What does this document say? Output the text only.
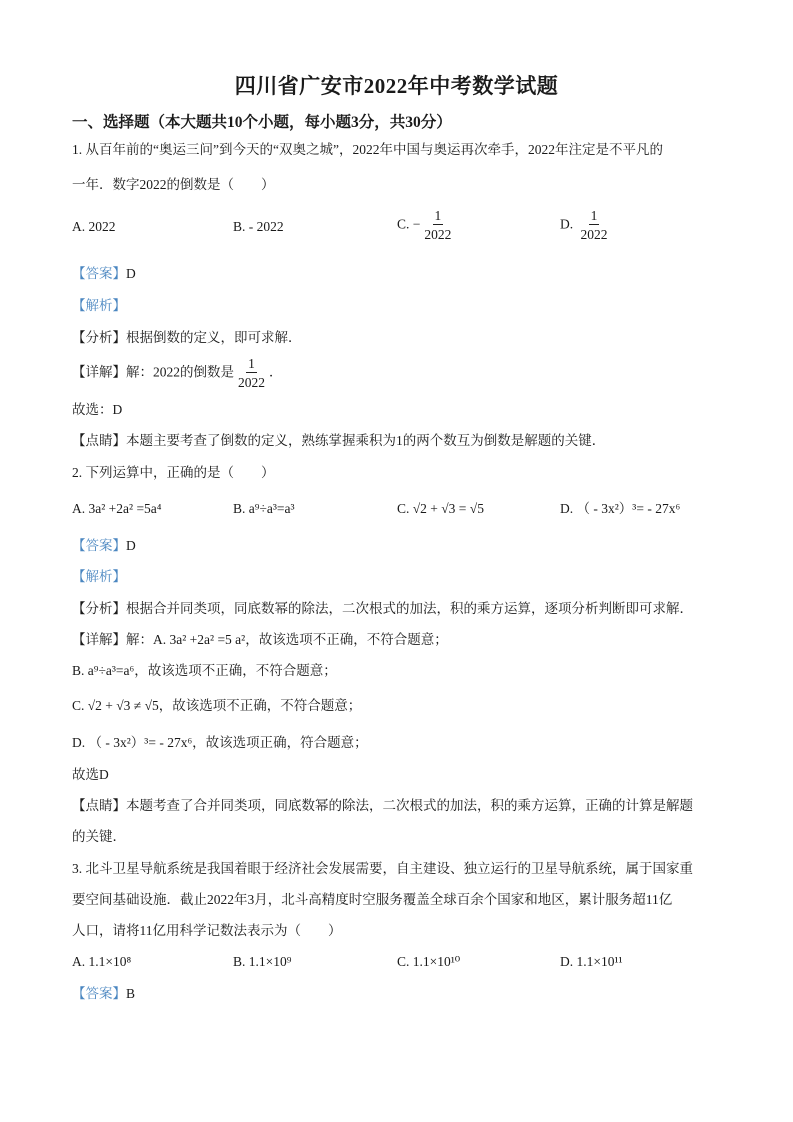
四川省广安市2022年中考数学试题
一、选择题（本大题共10个小题，每小题3分，共30分）
1. 从百年前的“奥运三问”到今天的“双奥之城”，2022年中国与奥运再次牵手，2022年注定是不平凡的
一年．数字2022的倒数是（　　）
A. 2022	B. - 2022	C. − $\frac{1}{2022}$	D. $\frac{1}{2022}$
【答案】D
【解析】
【分析】根据倒数的定义，即可求解．
【详解】解：2022的倒数是 $\frac{1}{2022}$ ．
故选：D
【点睛】本题主要考查了倒数的定义，熟练掌握乘积为1的两个数互为倒数是解题的关键．
2. 下列运算中，正确的是（　　）
A. 3a² +2a² =5a⁴	B. a⁹÷a³=a³	C. √2 + √3 = √5	D. （ - 3x²）³= - 27x⁶
【答案】D
【解析】
【分析】根据合并同类项，同底数幂的除法，二次根式的加法，积的乘方运算，逐项分析判断即可求解．
【详解】解：A. 3a² +2a² =5 a²，故该选项不正确，不符合题意；
B. a⁹÷a³=a⁶，故该选项不正确，不符合题意；
C. √2 + √3 ≠ √5，故该选项不正确，不符合题意；
D. （ - 3x²）³= - 27x⁶，故该选项正确，符合题意；
故选D
【点睛】本题考查了合并同类项，同底数幂的除法，二次根式的加法，积的乘方运算，正确的计算是解题
的关键．
3. 北斗卫星导航系统是我国着眼于经济社会发展需要，自主建设、独立运行的卫星导航系统，属于国家重
要空间基础设施．截止2022年3月，北斗高精度时空服务覆盖全球百余个国家和地区，累计服务超11亿
人口，请将11亿用科学记数法表示为（　　）
A. 1.1×10⁸	B. 1.1×10⁹	C. 1.1×10¹⁰	D. 1.1×10¹¹
【答案】B
